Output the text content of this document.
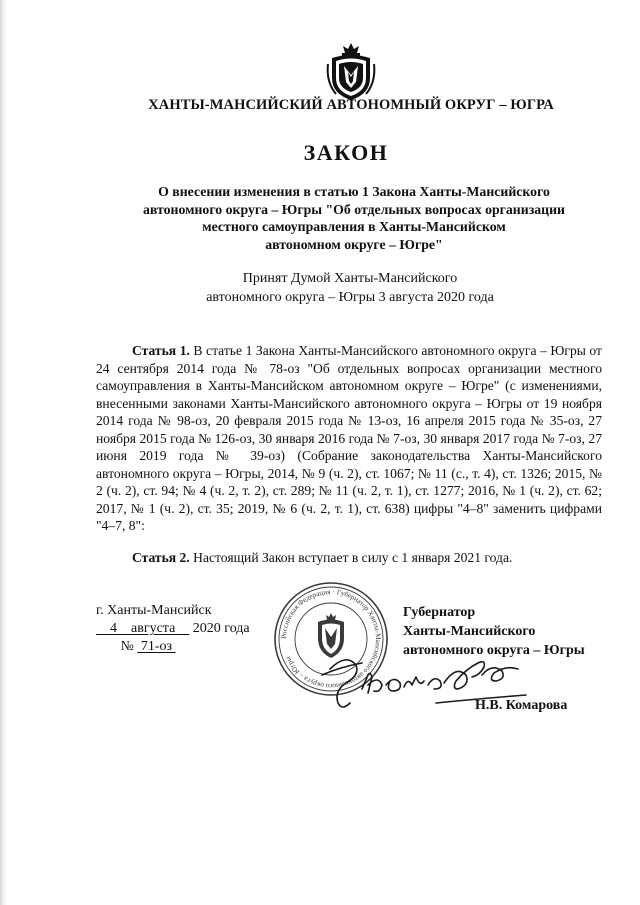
ХАНТЫ-МАНСИЙСКИЙ АВТОНОМНЫЙ ОКРУГ – ЮГРА
ЗАКОН
О внесении изменения в статью 1 Закона Ханты-Мансийского
автономного округа – Югры "Об отдельных вопросах организации
местного самоуправления в Ханты-Мансийском
автономном округе – Югре"
Принят Думой Ханты-Мансийского
автономного округа – Югры 3 августа 2020 года
Статья 1. В статье 1 Закона Ханты-Мансийского автономного округа – Югры от 24 сентября 2014 года № 78-оз "Об отдельных вопросах организации местного самоуправления в Ханты-Мансийском автономном округе – Югре" (с изменениями, внесенными законами Ханты-Мансийского автономного округа – Югры от 19 ноября 2014 года № 98-оз, 20 февраля 2015 года № 13-оз, 16 апреля 2015 года № 35-оз, 27 ноября 2015 года № 126-оз, 30 января 2016 года № 7-оз, 30 января 2017 года № 7-оз, 27 июня 2019 года № 39-оз) (Собрание законодательства Ханты-Мансийского автономного округа – Югры, 2014, № 9 (ч. 2), ст. 1067; № 11 (с., т. 4), ст. 1326; 2015, № 2 (ч. 2), ст. 94; № 4 (ч. 2, т. 2), ст. 289; № 11 (ч. 2, т. 1), ст. 1277; 2016, № 1 (ч. 2), ст. 62; 2017, № 1 (ч. 2), ст. 35; 2019, № 6 (ч. 2, т. 1), ст. 638) цифры "4–8" заменить цифрами "4–7, 8":
Статья 2. Настоящий Закон вступает в силу с 1 января 2021 года.
г. Ханты-Мансийск
4 августа 2020 года
№ 71-оз
Российская Федерация · Губернатор Ханты-Мансийского автономного округа – Югры
Губернатор
Ханты-Мансийского
автономного округа – Югры
Н.В. Комарова
